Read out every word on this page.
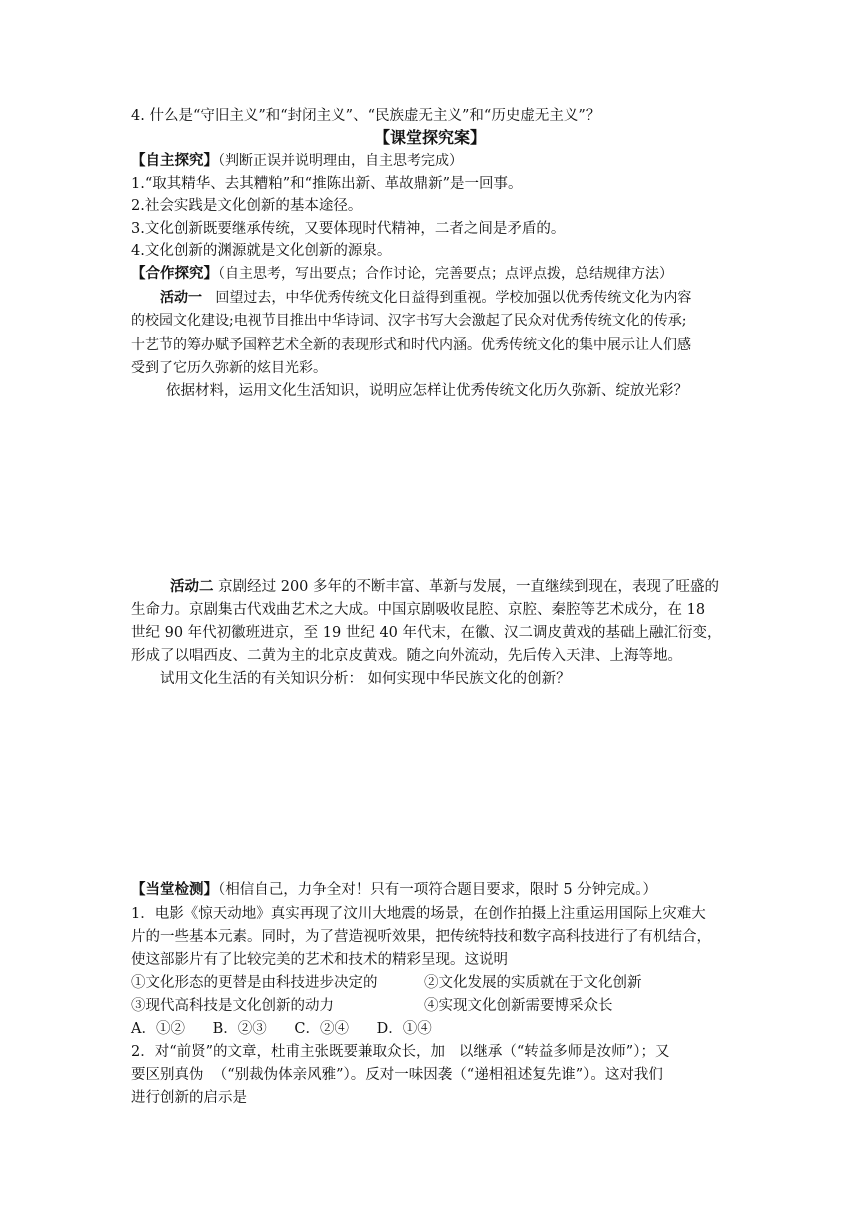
4. 什么是“守旧主义”和“封闭主义”、“民族虚无主义”和“历史虚无主义”？
【课堂探究案】
【自主探究】（判断正误并说明理由，自主思考完成）
1.“取其精华、去其糟粕”和“推陈出新、革故鼎新”是一回事。
2.社会实践是文化创新的基本途径。
3.文化创新既要继承传统，又要体现时代精神，二者之间是矛盾的。
4.文化创新的渊源就是文化创新的源泉。
【合作探究】（自主思考，写出要点；合作讨论，完善要点；点评点拨，总结规律方法）
活动一 回望过去，中华优秀传统文化日益得到重视。学校加强以优秀传统文化为内容
的校园文化建设;电视节目推出中华诗词、汉字书写大会激起了民众对优秀传统文化的传承;
十艺节的筹办赋予国粹艺术全新的表现形式和时代内涵。优秀传统文化的集中展示让人们感
受到了它历久弥新的炫目光彩。
依据材料，运用文化生活知识，说明应怎样让优秀传统文化历久弥新、绽放光彩？
活动二 京剧经过 200 多年的不断丰富、革新与发展，一直继续到现在，表现了旺盛的
生命力。京剧集古代戏曲艺术之大成。中国京剧吸收昆腔、京腔、秦腔等艺术成分，在 18
世纪 90 年代初徽班进京，至 19 世纪 40 年代末，在徽、汉二调皮黄戏的基础上融汇衍变，
形成了以唱西皮、二黄为主的北京皮黄戏。随之向外流动，先后传入天津、上海等地。
试用文化生活的有关知识分析： 如何实现中华民族文化的创新？
【当堂检测】（相信自己，力争全对！只有一项符合题目要求，限时 5 分钟完成。）
1．电影《惊天动地》真实再现了汶川大地震的场景，在创作拍摄上注重运用国际上灾难大
片的一些基本元素。同时，为了营造视听效果，把传统特技和数字高科技进行了有机结合，
使这部影片有了比较完美的艺术和技术的精彩呈现。这说明
①文化形态的更替是由科技进步决定的	②文化发展的实质就在于文化创新
③现代高科技是文化创新的动力	④实现文化创新需要博采众长
A．①②      B．②③      C．②④      D．①④
2．对“前贤”的文章，杜甫主张既要兼取众长，加   以继承（“转益多师是汝师”）；又
要区别真伪  （“别裁伪体亲风雅”）。反对一味因袭（“递相祖述复先谁”）。这对我们
进行创新的启示是
